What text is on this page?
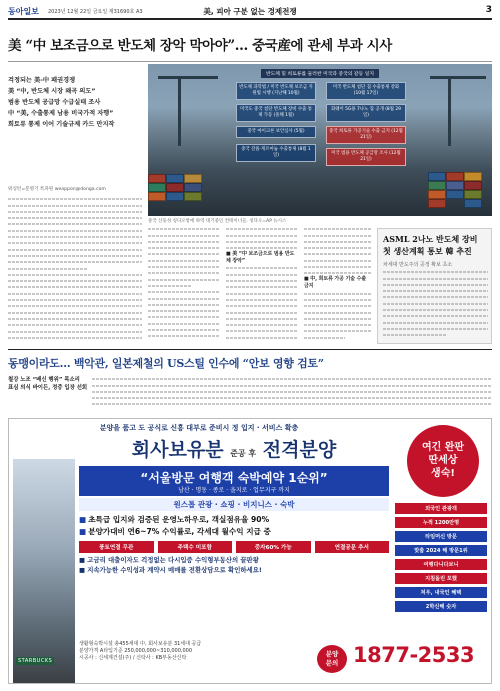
동아일보 2023년 12월 22일 금요일 제31690호 A3	美, 피아 구분 없는 경제전쟁	3
美 “中 보조금으로 반도체 장악 막아야”… 중국産에 관세 부과 시사
걱정되는 美-中 패권경쟁
美 “中, 반도체 시장 왜곡 의도”
범용 반도체 공급망 수급실태 조사
中 “美, 수출통제 남용 비국가적 자행”
희토류 통제 이어 기술규제 카드 만지작
워싱턴=문병기 특파원 weappon@donga.com
반도체 및 희토류를 둘러싼 미국과 중국의 갈등 일지
반도체 과학법 / 미국 반도체 보조금 지원법 시행 (지난해 10월)
미국도 중국 첨단 반도체 장비 수출 통제 가동 (올해 1월)
중국 마이크론 보안심사 (5월)
중국 갈륨·게르마늄 수출통제 (8월 1일)
미국 반도체 첨단 칩 수출통제 강화 (10월 17일)
화웨이 5G용 7나노 칩 공개 (8월 29일)
중국 희토류 가공기술 수출 금지 (12월 21일)
미국 범용 반도체 공급망 조사 (12월 21일)
중국 산둥성 칭다오항에 하역 대기중인 컨테이너들. 칭다오=AP 뉴시스
■ 美 “中 보조금으로 범용 반도체 장악”
■ 中, 희토류 가공 기술 수출 금지
ASML 2나노 반도체 장비
첫 생산계획 통보 韓 추진
차세대 반도주의 공정 확보 초소
동맹이라도… 백악관, 일본제철의 US스틸 인수에 “안보 영향 검토”
철강 노조 “배신 행위” 목소리
표심 의식 바이든, 정중 입장 선회
분양을 품고 도 공식로 신흥 대부로 준비시 정 입지 · 서비스 확충
회사보유분 준공 후 전격분양	여긴 완판
딴세상
생숙!
“서울방문 여행객 숙박예약 1순위”
남산 · 명동 · 종로 · 을지로 · 업무지구 까지
원스톱 관광 · 쇼핑 · 비지니스 · 숙박
STARBUCKS
■ 초특급 입지와 검증된 운영노하우로, 객실점유율 90%
■ 분양가대비 연6~7% 수익률로, 각세대 월수익 지급 중
풍토연결 무관	주택수 미포함	중자60% 가능	연결공문 추서
■ 고금리 대출이자도 걱정없는 다시입증 수익형부동산의 끝판왕
■ 지속가능한 수익성과 계약시 매매를 전환상담으로 확인하세요!
외국인 관광객
누적 1200만명
타임머신 방문
맞춤 2024 해 방문1위
여행다니다보니
지침돌린 포했
처우, 내국인 혜택
2학신해 숫자
생활형숙박시설 총455세대 中, 회사보유분 31세대 공급
분양가격 A타입기준 250,000,000~310,000,000
시공사 : 신세계건설(주) / 신탁사 : KB부동산신탁
분양
문의 1877-2533
